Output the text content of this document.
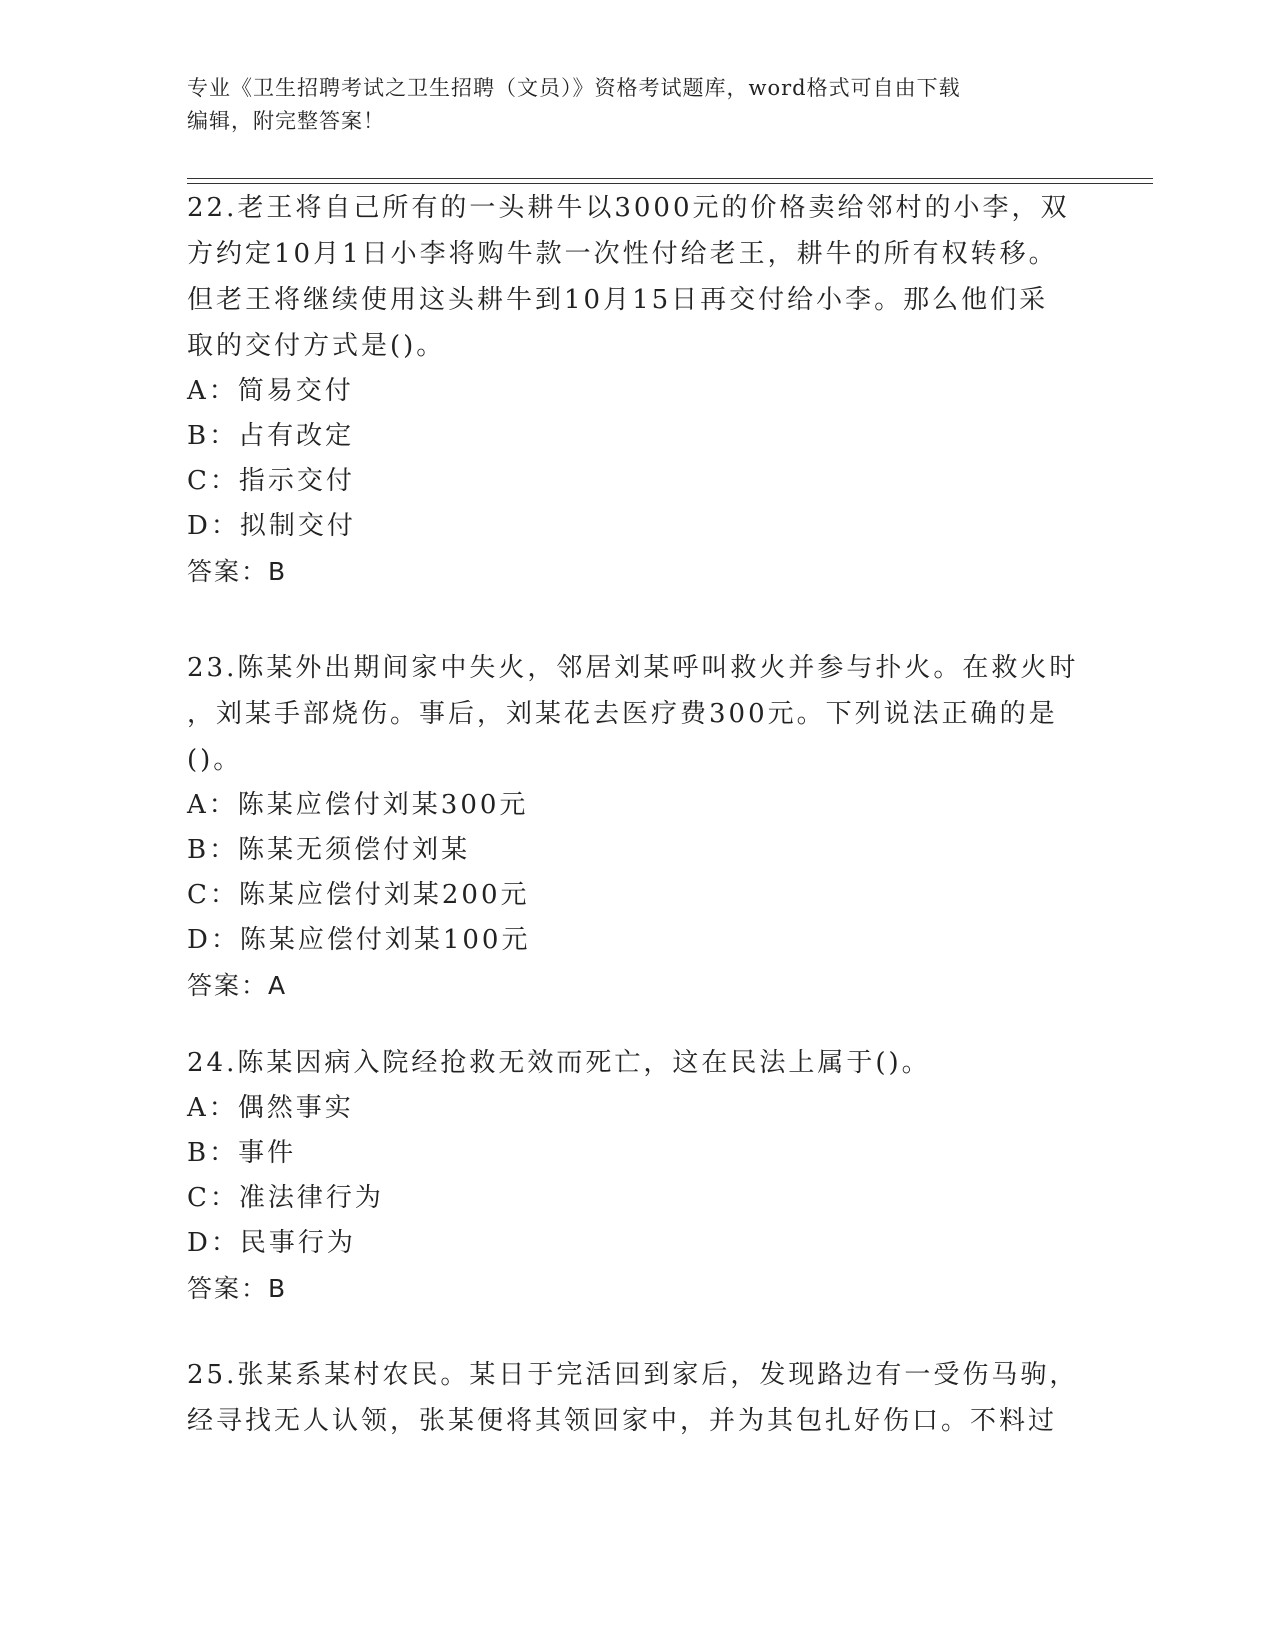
专业《卫生招聘考试之卫生招聘（文员）》资格考试题库，word格式可自由下载
编辑，附完整答案！
22.老王将自己所有的一头耕牛以3000元的价格卖给邻村的小李，双
方约定10月1日小李将购牛款一次性付给老王，耕牛的所有权转移。
但老王将继续使用这头耕牛到10月15日再交付给小李。那么他们采
取的交付方式是()。
A：简易交付
B：占有改定
C：指示交付
D：拟制交付
答案：B
23.陈某外出期间家中失火，邻居刘某呼叫救火并参与扑火。在救火时
，刘某手部烧伤。事后，刘某花去医疗费300元。下列说法正确的是
()。
A：陈某应偿付刘某300元
B：陈某无须偿付刘某
C：陈某应偿付刘某200元
D：陈某应偿付刘某100元
答案：A
24.陈某因病入院经抢救无效而死亡，这在民法上属于()。
A：偶然事实
B：事件
C：准法律行为
D：民事行为
答案：B
25.张某系某村农民。某日于完活回到家后，发现路边有一受伤马驹，
经寻找无人认领，张某便将其领回家中，并为其包扎好伤口。不料过
